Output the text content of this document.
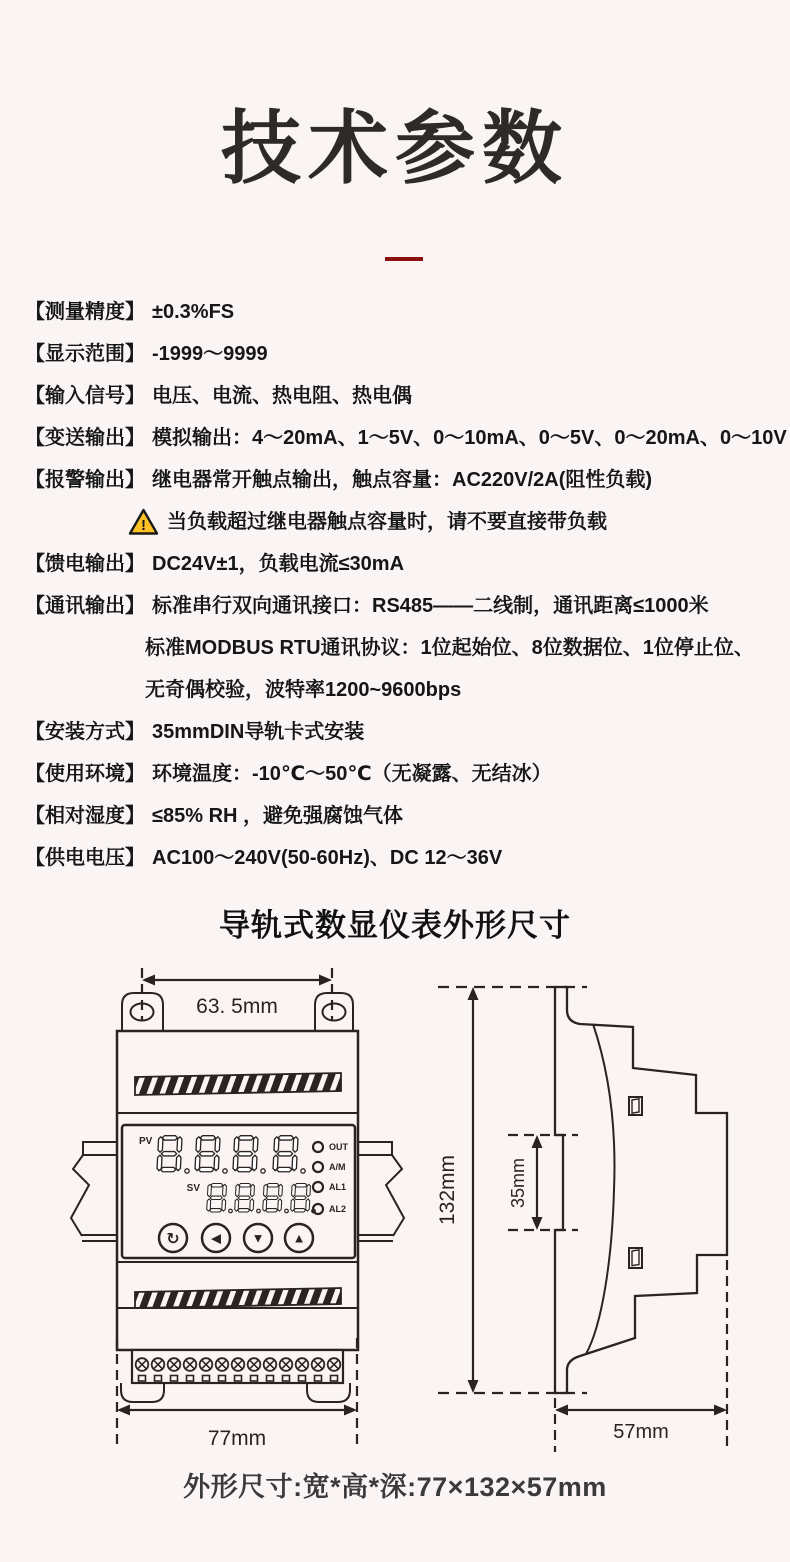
技术参数
【测量精度】 ±0.3%FS
【显示范围】 -1999～9999
【输入信号】 电压、电流、热电阻、热电偶
【变送输出】 模拟输出：4～20mA、1～5V、0～10mA、0～5V、0～20mA、0～10V
【报警输出】 继电器常开触点输出，触点容量：AC220V/2A(阻性负载)
! 当负载超过继电器触点容量时，请不要直接带负载
【馈电输出】 DC24V±1，负载电流≤30mA
【通讯输出】 标准串行双向通讯接口：RS485——二线制，通讯距离≤1000米
标准MODBUS RTU通讯协议：1位起始位、8位数据位、1位停止位、
无奇偶校验，波特率1200~9600bps
【安装方式】 35mmDIN导轨卡式安装
【使用环境】 环境温度：-10℃～50℃（无凝露、无结冰）
【相对湿度】 ≤85% RH ，避免强腐蚀气体
【供电电压】 AC100～240V(50-60Hz)、DC 12～36V
导轨式数显仪表外形尺寸
PV
SV
OUT
A/M
AL1
AL2
↻ ◀ ▼ ▲
63. 5mm
77mm
132mm	35mm
57mm
外形尺寸:宽*高*深:77×132×57mm
